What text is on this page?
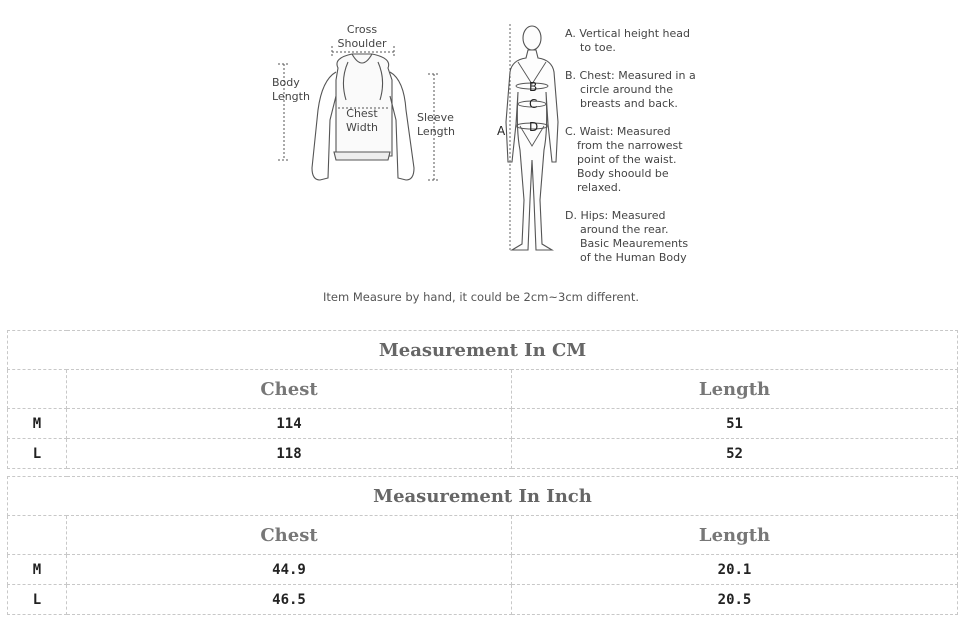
Cross
Shoulder
Body
Length
Chest
Width
Sleeve
Length	A
B
C
D
A. Vertical height head
to toe.
B. Chest: Measured in a
circle around the
breasts and back.
C. Waist: Measured
from the narrowest
point of the waist.
Body shoould be
relaxed.
D. Hips: Measured
around the rear.
Basic Meaurements
of the Human Body
Item Measure by hand, it could be 2cm~3cm different.
Measurement In CM		
	Chest	Length
M	114	51
L	118	52
Measurement In Inch		
	Chest	Length
M	44.9	20.1
L	46.5	20.5
